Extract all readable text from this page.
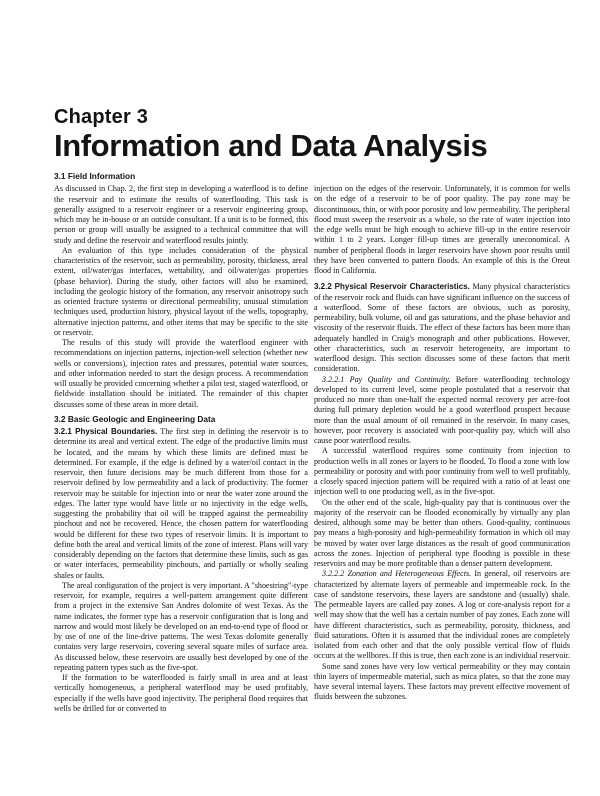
Chapter 3
Information and Data Analysis
3.1 Field Information

As discussed in Chap. 2, the first step in developing a waterflood is to define the reservoir and to estimate the results of waterflooding. This task is generally assigned to a reservoir engineer or a reservoir engineering group, which may be in-house or an outside consultant. If a unit is to be formed, this person or group will usually be assigned to a technical committee that will study and define the reservoir and waterflood results jointly.

An evaluation of this type includes consideration of the physical characteristics of the reservoir, such as permeability, porosity, thickness, areal extent, oil/water/gas interfaces, wettability, and oil/water/gas properties (phase behavior). During the study, other factors will also be examined, including the geologic history of the formation, any reservoir anisotropy such as oriented fracture systems or directional permeability, unusual stimulation techniques used, production history, physical layout of the wells, topography, alternative injection patterns, and other items that may be specific to the site or reservoir.

The results of this study will provide the waterflood engineer with recommendations on injection patterns, injection-well selection (whether new wells or conversions), injection rates and pressures, potential water sources, and other information needed to start the design process. A recommendation will usually be provided concerning whether a pilot test, staged waterflood, or fieldwide installation should be initiated. The remainder of this chapter discusses some of these areas in more detail.

3.2 Basic Geologic and Engineering Data

3.2.1 Physical Boundaries. The first step in defining the reservoir is to determine its areal and vertical extent. The edge of the productive limits must be located, and the means by which these limits are defined must be determined. For example, if the edge is defined by a water/oil contact in the reservoir, then future decisions may be much different from those for a reservoir defined by low permeability and a lack of productivity. The former reservoir may be suitable for injection into or near the water zone around the edges. The latter type would have little or no injectivity in the edge wells, suggesting the probability that oil will be trapped against the permeability pinchout and not be recovered. Hence, the chosen pattern for waterflooding would be different for these two types of reservoir limits. It is important to define both the areal and vertical limits of the zone of interest. Plans will vary considerably depending on the factors that determine these limits, such as gas or water interfaces, permeability pinchouts, and partially or wholly sealing shales or faults.

The areal configuration of the project is very important. A "shoestring"-type reservoir, for example, requires a well-pattern arrangement quite different from a project in the extensive San Andres dolomite of west Texas. As the name indicates, the former type has a reservoir configuration that is long and narrow and would most likely be developed on an end-to-end type of flood or by use of one of the line-drive patterns. The west Texas dolomite generally contains very large reservoirs, covering several square miles of surface area. As discussed below, these reservoirs are usually best developed by one of the repeating pattern types such as the five-spot.

If the formation to be waterflooded is fairly small in area and at least vertically homogeneous, a peripheral waterflood may be used profitably, especially if the wells have good injectivity. The peripheral flood requires that wells be drilled for or converted to

injection on the edges of the reservoir. Unfortunately, it is common for wells on the edge of a reservoir to be of poor quality. The pay zone may be discontinuous, thin, or with poor porosity and low permeability. The peripheral flood must sweep the reservoir as a whole, so the rate of water injection into the edge wells must be high enough to achieve fill-up in the entire reservoir within 1 to 2 years. Longer fill-up times are generally uneconomical. A number of peripheral floods in larger reservoirs have shown poor results until they have been converted to pattern floods. An example of this is the Oreut flood in California.

3.2.2 Physical Reservoir Characteristics. Many physical characteristics of the reservoir rock and fluids can have significant influence on the success of a waterflood. Some of these factors are obvious, such as porosity, permeability, bulk volume, oil and gas saturations, and the phase behavior and viscosity of the reservoir fluids. The effect of these factors has been more than adequately handled in Craig's monograph and other publications. However, other characteristics, such as reservoir heterogeneity, are important to waterflood design. This section discusses some of these factors that merit consideration.

3.2.2.1 Pay Quality and Continuity. Before waterflooding technology developed to its current level, some people postulated that a reservoir that produced no more than one-half the expected normal recovery per acre-foot during full primary depletion would be a good waterflood prospect because more than the usual amount of oil remained in the reservoir. In many cases, however, poor recovery is associated with poor-quality pay, which will also cause poor waterflood results.

A successful waterflood requires some continuity from injection to production wells in all zones or layers to be flooded. To flood a zone with low permeability or porosity and with poor continuity from well to well profitably, a closely spaced injection pattern will be required with a ratio of at least one injection well to one producing well, as in the five-spot.

On the other end of the scale, high-quality pay that is continuous over the majority of the reservoir can be flooded economically by virtually any plan desired, although some may be better than others. Good-quality, continuous pay means a high-porosity and high-permeability formation in which oil may be moved by water over large distances as the result of good communication across the zones. Injection of peripheral type flooding is possible in these reservoirs and may be more profitable than a denser pattern development.

3.2.2.2 Zonation and Heterogeneous Effects. In general, oil reservoirs are characterized by alternate layers of permeable and impermeable rock. In the case of sandstone reservoirs, these layers are sandstone and (usually) shale. The permeable layers are called pay zones. A log or core-analysis report for a well may show that the well has a certain number of pay zones. Each zone will have different characteristics, such as permeability, porosity, thickness, and fluid saturations. Often it is assumed that the individual zones are completely isolated from each other and that the only possible vertical flow of fluids occurs at the wellbores. If this is true, then each zone is an individual reservoir.

Some sand zones have very low vertical permeability or they may contain thin layers of impermeable material, such as mica plates, so that the zone may have several internal layers. These factors may prevent effective movement of fluids between the subzones.
